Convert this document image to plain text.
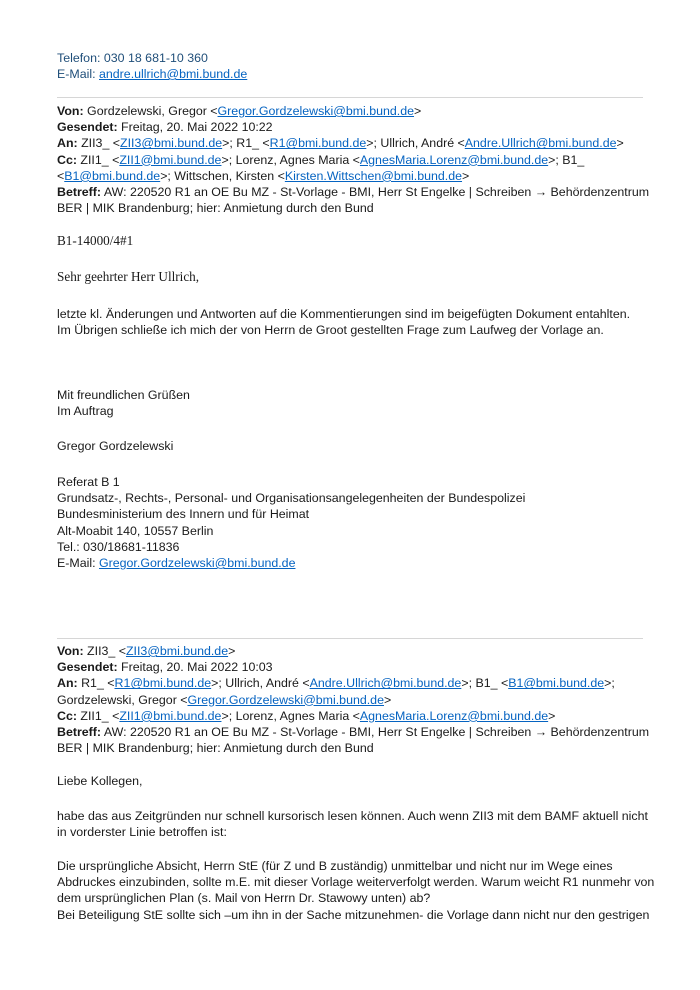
Telefon: 030 18 681-10 360
E-Mail: andre.ullrich@bmi.bund.de
Von: Gordzelewski, Gregor <Gregor.Gordzelewski@bmi.bund.de>
Gesendet: Freitag, 20. Mai 2022 10:22
An: ZII3_ <ZII3@bmi.bund.de>; R1_ <R1@bmi.bund.de>; Ullrich, André <Andre.Ullrich@bmi.bund.de>
Cc: ZII1_ <ZII1@bmi.bund.de>; Lorenz, Agnes Maria <AgnesMaria.Lorenz@bmi.bund.de>; B1_
<B1@bmi.bund.de>; Wittschen, Kirsten <Kirsten.Wittschen@bmi.bund.de>
Betreff: AW: 220520 R1 an OE Bu MZ - St-Vorlage - BMI, Herr St Engelke | Schreiben → Behördenzentrum
BER | MIK Brandenburg; hier: Anmietung durch den Bund
B1-14000/4#1
Sehr geehrter Herr Ullrich,
letzte kl. Änderungen und Antworten auf die Kommentierungen sind im beigefügten Dokument entahlten.
Im Übrigen schließe ich mich der von Herrn de Groot gestellten Frage zum Laufweg der Vorlage an.
Mit freundlichen Grüßen
Im Auftrag
Gregor Gordzelewski
Referat B 1
Grundsatz-, Rechts-, Personal- und Organisationsangelegenheiten der Bundespolizei
Bundesministerium des Innern und für Heimat
Alt-Moabit 140, 10557 Berlin
Tel.: 030/18681-11836
E-Mail: Gregor.Gordzelewski@bmi.bund.de
Von: ZII3_ <ZII3@bmi.bund.de>
Gesendet: Freitag, 20. Mai 2022 10:03
An: R1_ <R1@bmi.bund.de>; Ullrich, André <Andre.Ullrich@bmi.bund.de>; B1_ <B1@bmi.bund.de>;
Gordzelewski, Gregor <Gregor.Gordzelewski@bmi.bund.de>
Cc: ZII1_ <ZII1@bmi.bund.de>; Lorenz, Agnes Maria <AgnesMaria.Lorenz@bmi.bund.de>
Betreff: AW: 220520 R1 an OE Bu MZ - St-Vorlage - BMI, Herr St Engelke | Schreiben → Behördenzentrum
BER | MIK Brandenburg; hier: Anmietung durch den Bund
Liebe Kollegen,
habe das aus Zeitgründen nur schnell kursorisch lesen können. Auch wenn ZII3 mit dem BAMF aktuell nicht
in vorderster Linie betroffen ist:
Die ursprüngliche Absicht, Herrn StE (für Z und B zuständig) unmittelbar und nicht nur im Wege eines
Abdruckes einzubinden, sollte m.E. mit dieser Vorlage weiterverfolgt werden. Warum weicht R1 nunmehr von
dem ursprünglichen Plan (s. Mail von Herrn Dr. Stawowy unten) ab?
Bei Beteiligung StE sollte sich –um ihn in der Sache mitzunehmen- die Vorlage dann nicht nur den gestrigen
